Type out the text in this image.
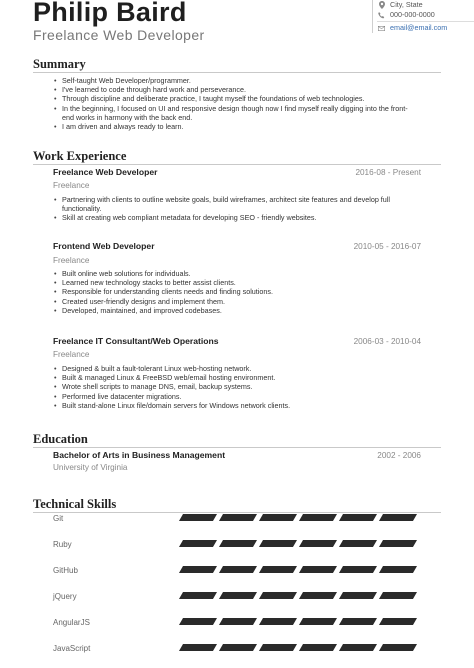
Philip Baird
Freelance Web Developer
City, State
000-000-0000
email@email.com
Summary
• Self-taught Web Developer/programmer.
• I've learned to code through hard work and perseverance.
• Through discipline and deliberate practice, I taught myself the foundations of web technologies.
• In the beginning, I focused on UI and responsive design though now I find myself really digging into the front-end works in harmony with the back end.
• I am driven and always ready to learn.
Work Experience
Freelance Web Developer	2016-08 - Present
Freelance
• Partnering with clients to outline website goals, build wireframes, architect site features and develop full functionality.
• Skill at creating web compliant metadata for developing SEO - friendly websites.
Frontend Web Developer	2010-05 - 2016-07
Freelance
• Built online web solutions for individuals.
• Learned new technology stacks to better assist clients.
• Responsible for understanding clients needs and finding solutions.
• Created user-friendly designs and implement them.
• Developed, maintained, and improved codebases.
Freelance IT Consultant/Web Operations	2006-03 - 2010-04
Freelance
• Designed & built a fault-tolerant Linux web-hosting network.
• Built & managed Linux & FreeBSD web/email hosting environment.
• Wrote shell scripts to manage DNS, email, backup systems.
• Performed live datacenter migrations.
• Built stand-alone Linux file/domain servers for Windows network clients.
Education
Bachelor of Arts in Business Management	2002 - 2006
University of Virginia
Technical Skills
Git
Ruby
GitHub
jQuery
AngularJS
JavaScript
